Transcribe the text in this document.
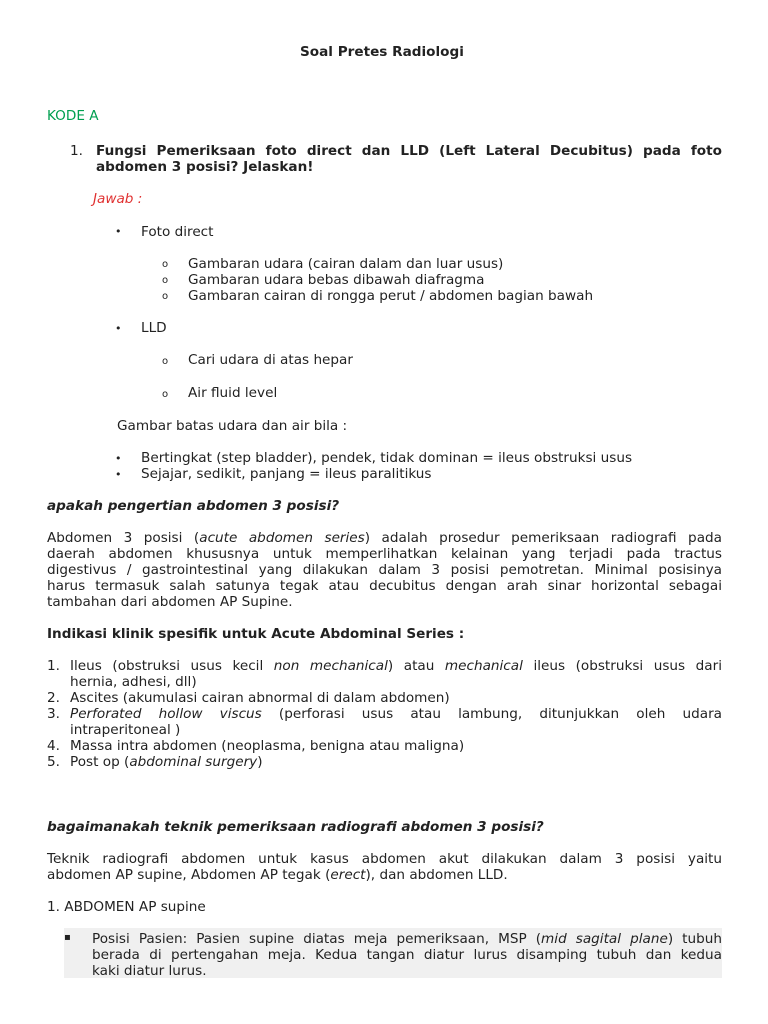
Soal Pretes Radiologi
KODE A
1. Fungsi Pemeriksaan foto direct dan LLD (Left Lateral Decubitus) pada foto
abdomen 3 posisi? Jelaskan!
Jawab :
• Foto direct
o Gambaran udara (cairan dalam dan luar usus)
o Gambaran udara bebas dibawah diafragma
o Gambaran cairan di rongga perut / abdomen bagian bawah
• LLD
o Cari udara di atas hepar
o Air fluid level
Gambar batas udara dan air bila :
• Bertingkat (step bladder), pendek, tidak dominan = ileus obstruksi usus
• Sejajar, sedikit, panjang = ileus paralitikus
apakah pengertian abdomen 3 posisi?
Abdomen 3 posisi (acute abdomen series) adalah prosedur pemeriksaan radiografi pada
daerah abdomen khususnya untuk memperlihatkan kelainan yang terjadi pada tractus
digestivus / gastrointestinal yang dilakukan dalam 3 posisi pemotretan. Minimal posisinya
harus termasuk salah satunya tegak atau decubitus dengan arah sinar horizontal sebagai
tambahan dari abdomen AP Supine.
Indikasi klinik spesifik untuk Acute Abdominal Series :
1. Ileus (obstruksi usus kecil non mechanical) atau mechanical ileus (obstruksi usus dari
hernia, adhesi, dll)
2. Ascites (akumulasi cairan abnormal di dalam abdomen)
3. Perforated hollow viscus (perforasi usus atau lambung, ditunjukkan oleh udara
intraperitoneal )
4. Massa intra abdomen (neoplasma, benigna atau maligna)
5. Post op (abdominal surgery)
bagaimanakah teknik pemeriksaan radiografi abdomen 3 posisi?
Teknik radiografi abdomen untuk kasus abdomen akut dilakukan dalam 3 posisi yaitu
abdomen AP supine, Abdomen AP tegak (erect), dan abdomen LLD.
1. ABDOMEN AP supine
▪ Posisi Pasien: Pasien supine diatas meja pemeriksaan, MSP (mid sagital plane) tubuh
berada di pertengahan meja. Kedua tangan diatur lurus disamping tubuh dan kedua
kaki diatur lurus.
